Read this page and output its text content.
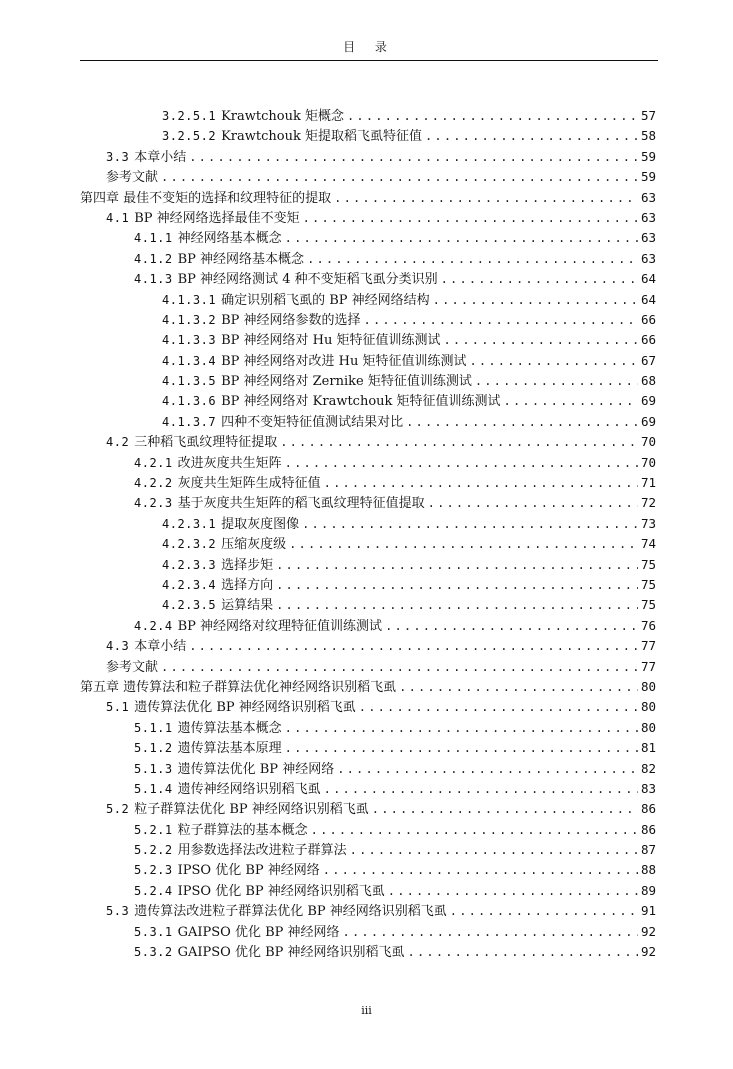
目 录
3.2.5.1 Krawtchouk 矩概念 .....	57
3.2.5.2 Krawtchouk 矩提取稻飞虱特征值 .....	58
3.3 本章小结 .....	59
参考文献 .....	59
第四章 最佳不变矩的选择和纹理特征的提取 .....	63
4.1 BP 神经网络选择最佳不变矩 .....	63
4.1.1 神经网络基本概念 .....	63
4.1.2 BP 神经网络基本概念 .....	63
4.1.3 BP 神经网络测试 4 种不变矩稻飞虱分类识别 .....	64
4.1.3.1 确定识别稻飞虱的 BP 神经网络结构 .....	64
4.1.3.2 BP 神经网络参数的选择 .....	66
4.1.3.3 BP 神经网络对 Hu 矩特征值训练测试 .....	66
4.1.3.4 BP 神经网络对改进 Hu 矩特征值训练测试 .....	67
4.1.3.5 BP 神经网络对 Zernike 矩特征值训练测试 .....	68
4.1.3.6 BP 神经网络对 Krawtchouk 矩特征值训练测试 .....	69
4.1.3.7 四种不变矩特征值测试结果对比 .....	69
4.2 三种稻飞虱纹理特征提取 .....	70
4.2.1 改进灰度共生矩阵 .....	70
4.2.2 灰度共生矩阵生成特征值 .....	71
4.2.3 基于灰度共生矩阵的稻飞虱纹理特征值提取 .....	72
4.2.3.1 提取灰度图像 .....	73
4.2.3.2 压缩灰度级 .....	74
4.2.3.3 选择步矩 .....	75
4.2.3.4 选择方向 .....	75
4.2.3.5 运算结果 .....	75
4.2.4 BP 神经网络对纹理特征值训练测试 .....	76
4.3 本章小结 .....	77
参考文献 .....	77
第五章 遗传算法和粒子群算法优化神经网络识别稻飞虱 .....	80
5.1 遗传算法优化 BP 神经网络识别稻飞虱 .....	80
5.1.1 遗传算法基本概念 .....	80
5.1.2 遗传算法基本原理 .....	81
5.1.3 遗传算法优化 BP 神经网络 .....	82
5.1.4 遗传神经网络识别稻飞虱 .....	83
5.2 粒子群算法优化 BP 神经网络识别稻飞虱 .....	86
5.2.1 粒子群算法的基本概念 .....	86
5.2.2 用参数选择法改进粒子群算法 .....	87
5.2.3 IPSO 优化 BP 神经网络 .....	88
5.2.4 IPSO 优化 BP 神经网络识别稻飞虱 .....	89
5.3 遗传算法改进粒子群算法优化 BP 神经网络识别稻飞虱 .....	91
5.3.1 GAIPSO 优化 BP 神经网络 .....	92
5.3.2 GAIPSO 优化 BP 神经网络识别稻飞虱 .....	92
iii
